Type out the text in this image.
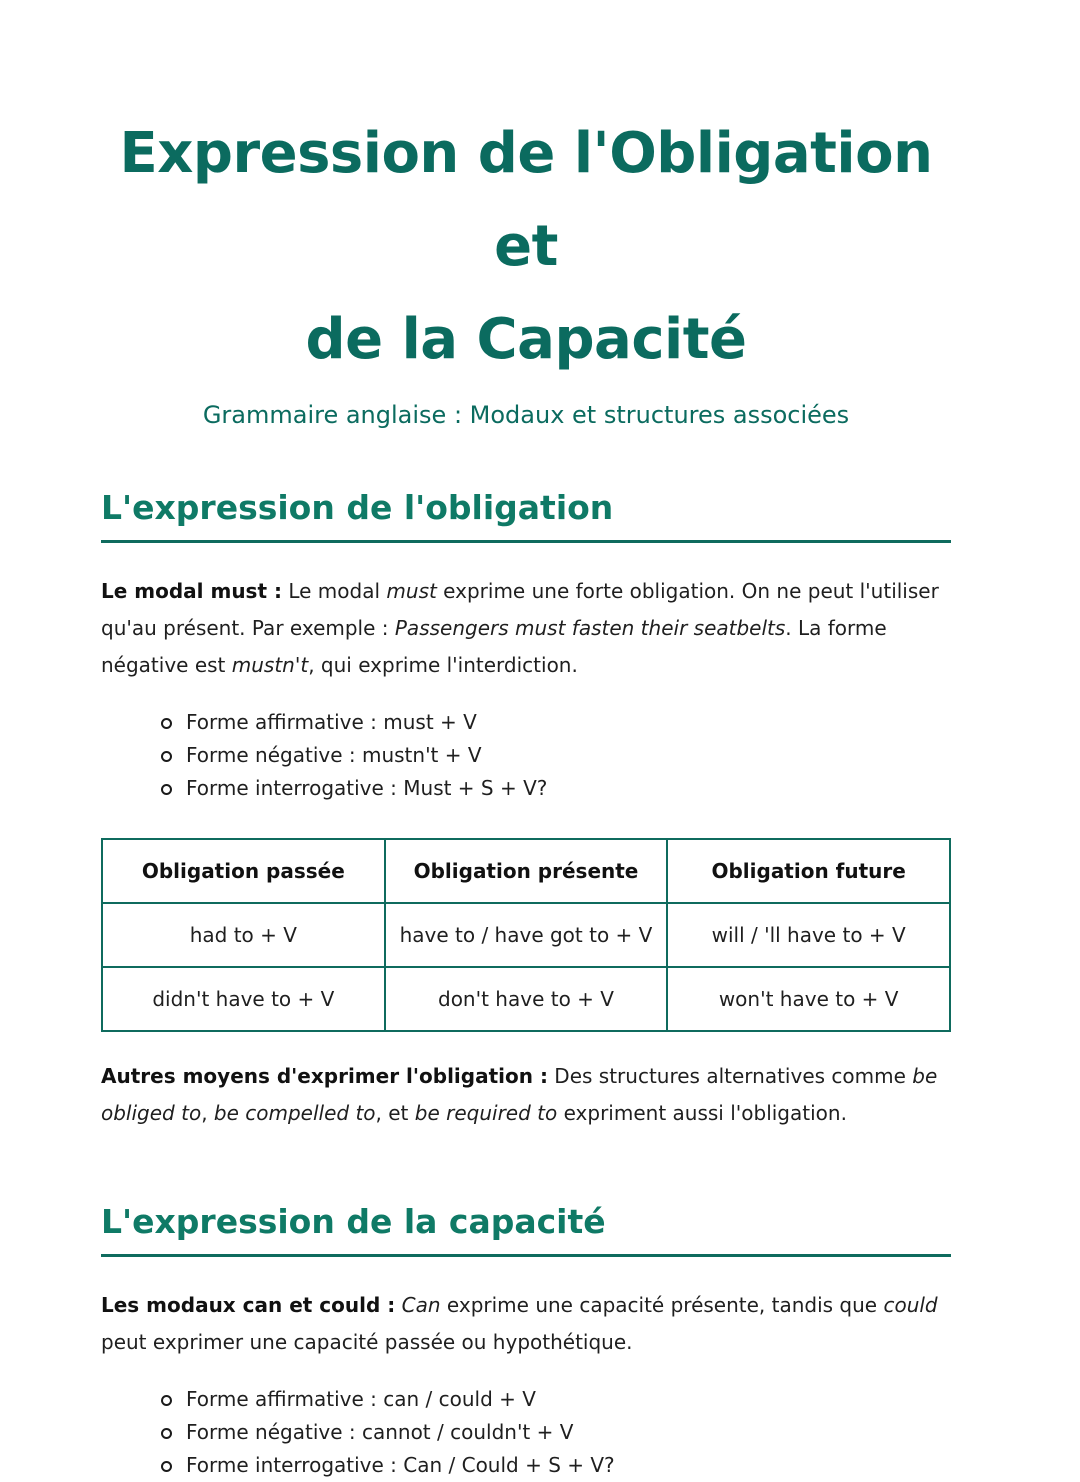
Expression de l'Obligation et
de la Capacité

Grammaire anglaise : Modaux et structures associées

L'expression de l'obligation

Le modal must : Le modal must exprime une forte obligation. On ne peut l'utiliser qu'au présent. Par exemple : Passengers must fasten their seatbelts. La forme négative est mustn't, qui exprime l'interdiction.

Forme affirmative : must + V
Forme négative : mustn't + V
Forme interrogative : Must + S + V?
Obligation passée	Obligation présente	Obligation future
had to + V	have to / have got to + V	will / 'll have to + V
didn't have to + V	don't have to + V	won't have to + V

Autres moyens d'exprimer l'obligation : Des structures alternatives comme be obliged to, be compelled to, et be required to expriment aussi l'obligation.

L'expression de la capacité

Les modaux can et could : Can exprime une capacité présente, tandis que could peut exprimer une capacité passée ou hypothétique.

Forme affirmative : can / could + V
Forme négative : cannot / couldn't + V
Forme interrogative : Can / Could + S + V?
